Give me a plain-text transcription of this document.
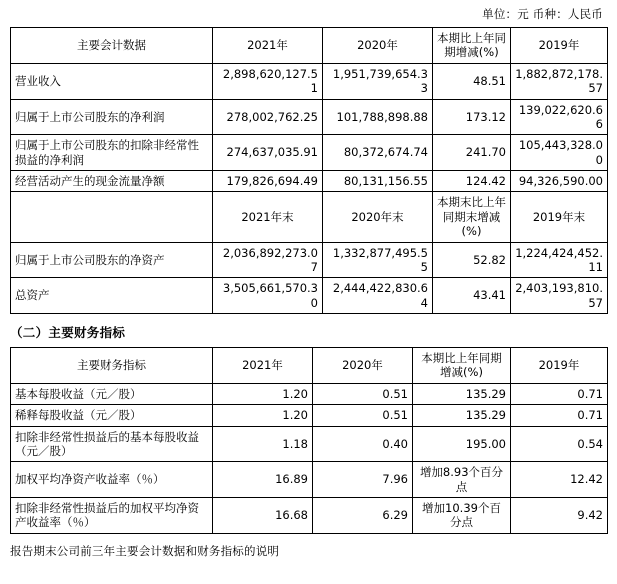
单位：元 币种：人民币
主要会计数据	2021年	2020年	本期比上年同期增减(%)	2019年
营业收入	2,898,620,127.51	1,951,739,654.33	48.51	1,882,872,178.57
归属于上市公司股东的净利润	278,002,762.25	101,788,898.88	173.12	139,022,620.66
归属于上市公司股东的扣除非经常性损益的净利润	274,637,035.91	80,372,674.74	241.70	105,443,328.00
经营活动产生的现金流量净额	179,826,694.49	80,131,156.55	124.42	94,326,590.00
	2021年末	2020年末	本期末比上年同期末增减(%)	2019年末
归属于上市公司股东的净资产	2,036,892,273.07	1,332,877,495.55	52.82	1,224,424,452.11
总资产	3,505,661,570.30	2,444,422,830.64	43.41	2,403,193,810.57
（二）主要财务指标
主要财务指标	2021年	2020年	本期比上年同期增减(%)	2019年
基本每股收益（元／股）	1.20	0.51	135.29	0.71
稀释每股收益（元／股）	1.20	0.51	135.29	0.71
扣除非经常性损益后的基本每股收益（元／股）	1.18	0.40	195.00	0.54
加权平均净资产收益率（％）	16.89	7.96	增加8.93个百分点	12.42
扣除非经常性损益后的加权平均净资产收益率（％）	16.68	6.29	增加10.39个百分点	9.42
报告期末公司前三年主要会计数据和财务指标的说明
